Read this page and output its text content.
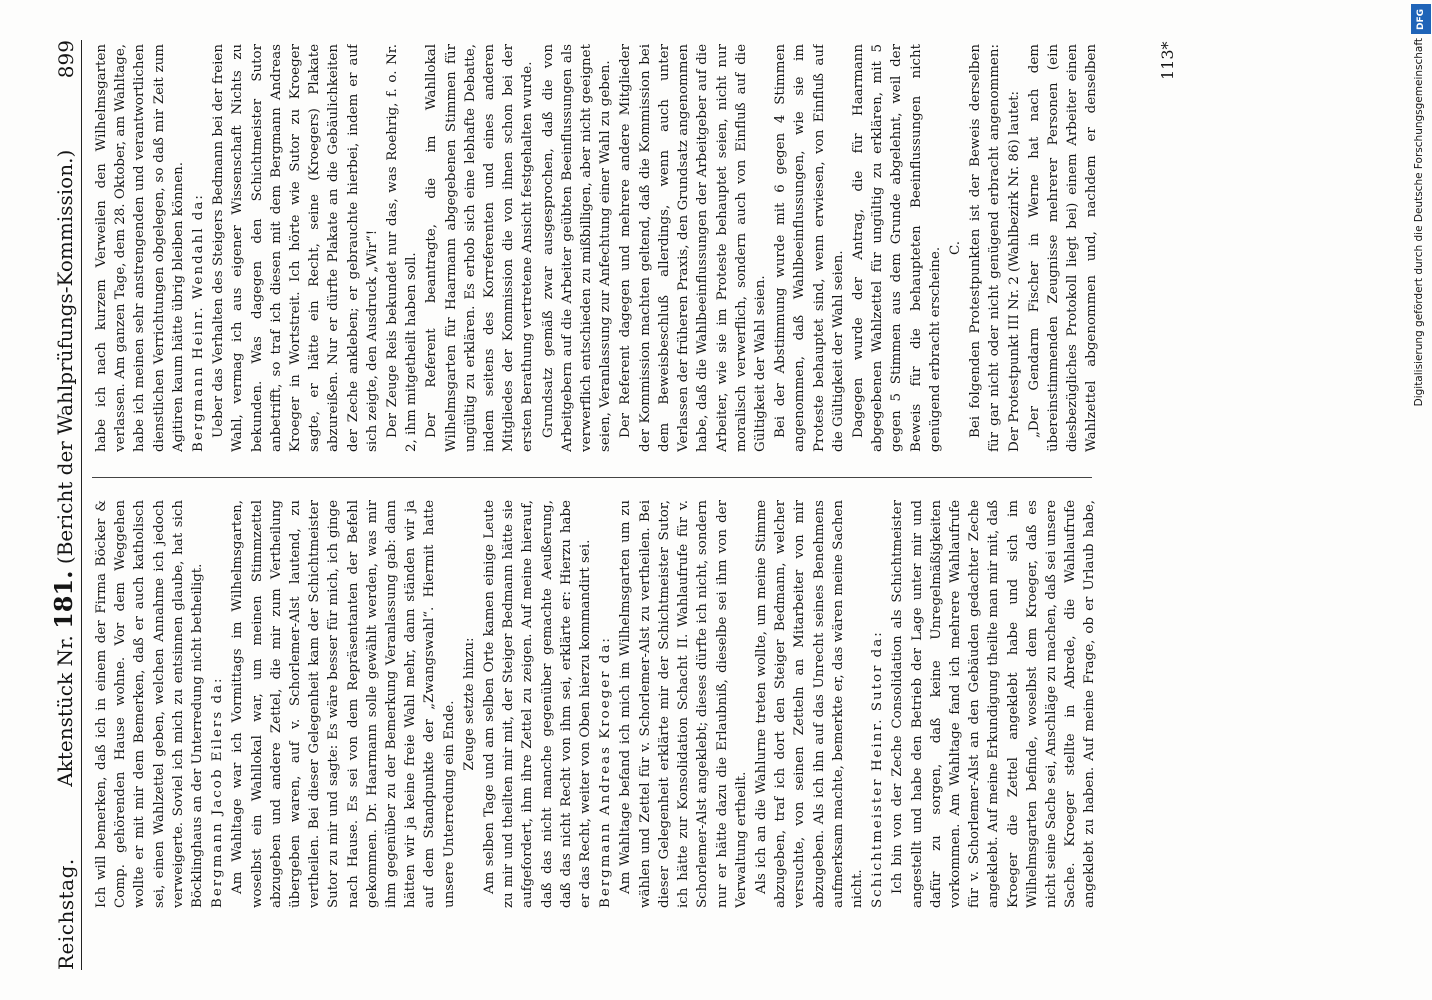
Reichstag.
Aktenstück Nr. 181. (Bericht der Wahlprüfungs-Kommission.)
899

Ich will bemerken, daß ich in einem der Firma Böcker & Comp. gehörenden Hause wohne. Vor dem Weggehen wollte er mit mir dem Bemerken, daß er auch katholisch sei, einen Wahlzettel geben, welchen Annahme ich jedoch verweigerte. Soviel ich mich zu entsinnen glaube, hat sich Böcklinghaus an der Unterredung nicht betheiligt. Bergmann Jacob Eilers da: Am Wahltage war ich Vormittags im Wilhelmsgarten, woselbst ein Wahllokal war, um meinen Stimmzettel abzugeben und andere Zettel, die mir zum Vertheilung übergeben waren, auf v. Schorlemer-Alst lautend, zu vertheilen. Bei dieser Gelegenheit kam der Schichtmeister Sutor zu mir und sagte: Es wäre besser für mich, ich ginge nach Hause. Es sei von dem Repräsentanten der Befehl gekommen. Dr. Haarmann solle gewählt werden, was mir ihm gegenüber zu der Bemerkung Veranlassung gab: dann hätten wir ja keine freie Wahl mehr, dann ständen wir ja auf dem Standpunkte der „Zwangswahl“. Hiermit hatte unsere Unterredung ein Ende. Zeuge setzte hinzu: Am selben Tage und am selben Orte kamen einige Leute zu mir und theilten mir mit, der Steiger Bedmann hätte sie aufgefordert, ihm ihre Zettel zu zeigen. Auf meine hierauf, daß das nicht manche gegenüber gemachte Aeußerung, daß das nicht Recht von ihm sei, erklärte er: Hierzu habe er das Recht, weiter von Oben hierzu kommandirt sei. Bergmann Andreas Kroeger da: Am Wahltage befand ich mich im Wilhelmsgarten um zu wählen und Zettel für v. Schorlemer-Alst zu vertheilen. Bei dieser Gelegenheit erklärte mir der Schichtmeister Sutor, ich hätte zur Konsolidation Schacht II. Wahlaufrufe für v. Schorlemer-Alst angeklebt; dieses dürfte ich nicht, sondern nur er hätte dazu die Erlaubniß, dieselbe sei ihm von der Verwaltung ertheilt. Als ich an die Wahlurne treten wollte, um meine Stimme abzugeben, traf ich dort den Steiger Bedmann, welcher versuchte, von seinen Zetteln an Mitarbeiter von mir abzugeben. Als ich ihn auf das Unrecht seines Benehmens aufmerksam machte, bemerkte er, das wären meine Sachen nicht. Schichtmeister Heinr. Sutor da: Ich bin von der Zeche Consolidation als Schichtmeister angestellt und habe den Betrieb der Lage unter mir und dafür zu sorgen, daß keine Unregelmäßigkeiten vorkommen. Am Wahltage fand ich mehrere Wahlaufrufe für v. Schorlemer-Alst an den Gebäuden gedachter Zeche angeklebt. Auf meine Erkundigung theilte man mir mit, daß Kroeger die Zettel angeklebt habe und sich im Wilhelmsgarten befinde, woselbst dem Kroeger, daß es nicht seine Sache sei, Anschläge zu machen, daß sei unsere Sache. Kroeger stellte in Abrede, die Wahlaufrufe angeklebt zu haben. Auf meine Frage, ob er Urlaub habe,

habe ich nach kurzem Verweilen den Wilhelmsgarten verlassen. Am ganzen Tage, dem 28. Oktober, am Wahltage, habe ich meinen sehr anstrengenden und verantwortlichen dienstlichen Verrichtungen obgelegen, so daß mir Zeit zum Agitiren kaum hätte übrig bleiben können. Bergmann Heinr. Wendahl da: Ueber das Verhalten des Steigers Bedmann bei der freien Wahl, vermag ich aus eigener Wissenschaft Nichts zu bekunden. Was dagegen den Schichtmeister Sutor anbetrifft, so traf ich diesen mit dem Bergmann Andreas Kroeger in Wortstreit. Ich hörte wie Sutor zu Kroeger sagte, er hätte ein Recht, seine (Kroegers) Plakate abzureißen. Nur er dürfte Plakate an die Gebäulichkeiten der Zeche ankleben; er gebrauchte hierbei, indem er auf sich zeigte, den Ausdruck „Wir“! Der Zeuge Reis bekundet nur das, was Roehrig, f. o. Nr. 2, ihm mitgetheilt haben soll. Der Referent beantragte, die im Wahllokal Wilhelmsgarten für Haarmann abgegebenen Stimmen für ungültig zu erklären. Es erhob sich eine lebhafte Debatte, indem seitens des Korreferenten und eines anderen Mitgliedes der Kommission die von ihnen schon bei der ersten Berathung vertretene Ansicht festgehalten wurde. Grundsatz gemäß zwar ausgesprochen, daß die von Arbeitgebern auf die Arbeiter geübten Beeinflussungen als verwerflich entschieden zu mißbilligen, aber nicht geeignet seien, Veranlassung zur Anfechtung einer Wahl zu geben. Der Referent dagegen und mehrere andere Mitglieder der Kommission machten geltend, daß die Kommission bei dem Beweisbeschluß allerdings, wenn auch unter Verlassen der früheren Praxis, den Grundsatz angenommen habe, daß die Wahlbeeinflussungen der Arbeitgeber auf die Arbeiter, wie sie im Proteste behauptet seien, nicht nur moralisch verwerflich, sondern auch von Einfluß auf die Gültigkeit der Wahl seien. Bei der Abstimmung wurde mit 6 gegen 4 Stimmen angenommen, daß Wahlbeeinflussungen, wie sie im Proteste behauptet sind, wenn erwiesen, von Einfluß auf die Gültigkeit der Wahl seien. Dagegen wurde der Antrag, die für Haarmann abgegebenen Wahlzettel für ungültig zu erklären, mit 5 gegen 5 Stimmen aus dem Grunde abgelehnt, weil der Beweis für die behaupteten Beeinflussungen nicht genügend erbracht erscheine. C. Bei folgenden Protestpunkten ist der Beweis derselben für gar nicht oder nicht genügend erbracht angenommen: Der Protestpunkt III Nr. 2 (Wahlbezirk Nr. 86) lautet: „Der Gendarm Fischer in Werne hat nach dem übereinstimmenden Zeugnisse mehrerer Personen (ein diesbezügliches Protokoll liegt bei) einem Arbeiter einen Wahlzettel abgenommen und, nachdem er denselben	113*
DFG
Digitalisierung gefördert durch die Deutsche Forschungsgemeinschaft
